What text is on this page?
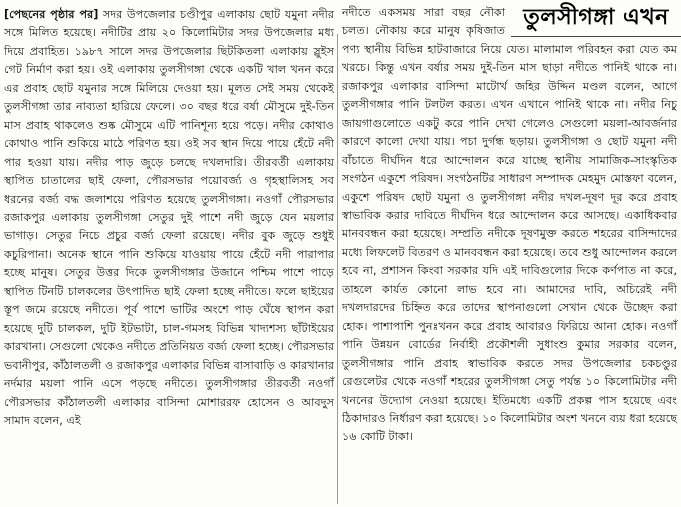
[পেছনের পৃষ্ঠার পর] সদর উপজেলার চণ্ডীপুর এলাকায় ছোট যমুনা নদীর সঙ্গে মিলিত হয়েছে। নদীটির প্রায় ২০ কিলোমিটার সদর উপজেলার মধ্য দিয়ে প্রবাহিত। ১৯৮৭ সালে সদর উপজেলার ছিটকিতলা এলাকায় স্লুইস গেট নির্মাণ করা হয়। ওই এলাকায় তুলসীগঙ্গা থেকে একটি খাল খনন করে এর প্রবাহ ছোট যমুনার সঙ্গে মিলিয়ে দেওয়া হয়। মূলত সেই সময় থেকেই তুলসীগঙ্গা তার নাব্যতা হারিয়ে ফেলে। ৩০ বছর ধরে বর্ষা মৌসুমে দুই-তিন মাস প্রবাহ থাকলেও শুষ্ক মৌসুমে এটি পানিশূন্য হয়ে পড়ে। নদীর কোথাও কোথাও পানি শুকিয়ে মাঠে পরিণত হয়। ওই সব স্থান দিয়ে পায়ে হেঁটে নদী পার হওয়া যায়। নদীর পাড় জুড়ে চলছে দখলদারি। তীরবর্তী এলাকায় স্থাপিত চাতালের ছাই ফেলা, পৌরসভার পয়োবর্জ্য ও গৃহস্থালিসহ সব ধরনের বর্জ্য বদ্ধ জলাশয়ে পরিণত হয়েছে তুলসীগঙ্গা। নওগাঁ পৌরসভার রজাকপুর এলাকায় তুলসীগঙ্গা সেতুর দুই পাশে নদী জুড়ে যেন ময়লার ভাগাড়। সেতুর নিচে প্রচুর বর্জ্য ফেলা রয়েছে। নদীর বুক জুড়ে শুধুই কচুরিপানা। অনেক স্থানে পানি শুকিয়ে যাওয়ায় পায়ে হেঁটে নদী পারাপার হচ্ছে মানুষ। সেতুর উত্তর দিকে তুলসীগঙ্গার উজানে পশ্চিম পাশে পাড়ে স্থাপিত টিনটি চালকলের উৎপাদিত ছাই ফেলা হচ্ছে নদীতে। ফলে ছাইয়ের স্তূপ জমে রয়েছে নদীতে। পূর্ব পাশে ভাটির অংশে পাড় ঘেঁষে স্থাপন করা হয়েছে দুটি চালকল, দুটি ইটভাটা, চাল-গমসহ বিভিন্ন খাদ্যশস্য ছাঁটাইয়ের কারখানা। সেগুলো থেকেও নদীতে প্রতিনিয়ত বর্জ্য ফেলা হচ্ছে। পৌরসভার ভবানীপুর, কাঁঠালতলী ও রজাকপুর এলাকার বিভিন্ন বাসাবাড়ি ও কারখানার নর্দমার ময়লা পানি এসে পড়ছে নদীতে। তুলসীগঙ্গার তীরবর্তী নওগাঁ পৌরসভার কাঁঠালতলী এলাকার বাসিন্দা মোশাররফ হোসেন ও আবদুস সামাদ বলেন, এই

তুলসীগঙ্গা এখন

নদীতে একসময় সারা বছর নৌকা চলত। নৌকায় করে মানুষ কৃষিজাত পণ্য স্থানীয় বিভিন্ন হাটবাজারে নিয়ে যেত। মালামাল পরিবহন করা যেত কম খরচে। কিন্তু এখন বর্ষার সময় দুই-তিন মাস ছাড়া নদীতে পানিই থাকে না। রজাকপুর এলাকার বাসিন্দা মাটোর্খ জহির উদ্দিন মণ্ডল বলেন, আগে তুলসীগঙ্গার পানি টলটল করত। এখন এখানে পানিই থাকে না। নদীর নিচু জায়গাগুলোতে একটু করে পানি দেখা গেলেও সেগুলো ময়লা-আবর্জনার কারণে কালো দেখা যায়। পচা দুর্গন্ধ ছড়ায়। তুলসীগঙ্গা ও ছোট যমুনা নদী বাঁচাতে দীর্ঘদিন ধরে আন্দোলন করে যাচ্ছে স্থানীয় সামাজিক-সাংস্কৃতিক সংগঠন একুশে পরিষদ। সংগঠনটির সাধারণ সম্পাদক মেহমুদ মোস্তফা বলেন, একুশে পরিষদ ছোট যমুনা ও তুলসীগঙ্গা নদীর দখল-দূষণ দূর করে প্রবাহ স্বাভাবিক করার দাবিতে দীর্ঘদিন ধরে আন্দোলন করে আসছে। একাধিকবার মানববন্ধন করা হয়েছে। সম্প্রতি নদীকে দূষণমুক্ত করতে শহরের বাসিন্দাদের মধ্যে লিফলেট বিতরণ ও মানববন্ধন করা হয়েছে। তবে শুধু আন্দোলন করলে হবে না, প্রশাসন কিংবা সরকার যদি এই দাবিগুলোর দিকে কর্ণপাত না করে, তাহলে কার্যত কোনো লাভ হবে না। আমাদের দাবি, অচিরেই নদী দখলদারদের চিহ্নিত করে তাদের স্থাপনাগুলো সেখান থেকে উচ্ছেদ করা হোক। পাশাপাশি পুনঃখনন করে প্রবাহ আবারও ফিরিয়ে আনা হোক। নওগাঁ পানি উন্নয়ন বোর্ডের নির্বাহী প্রকৌশলী সুধাংশু কুমার সরকার বলেন, তুলসীগঙ্গার পানি প্রবাহ স্বাভাবিক করতে সদর উপজেলার চকচণ্ডুর রেগুলেটর থেকে নওগাঁ শহরের তুলসীগঙ্গা সেতু পর্যন্ত ১০ কিলোমিটার নদী খননের উদ্যোগ নেওয়া হয়েছে। ইতিমধ্যে একটি প্রকল্প পাস হয়েছে এবং ঠিকাদারও নির্ধারণ করা হয়েছে। ১০ কিলোমিটার অংশ খননে ব্যয় ধরা হয়েছে ১৬ কোটি টাকা।
